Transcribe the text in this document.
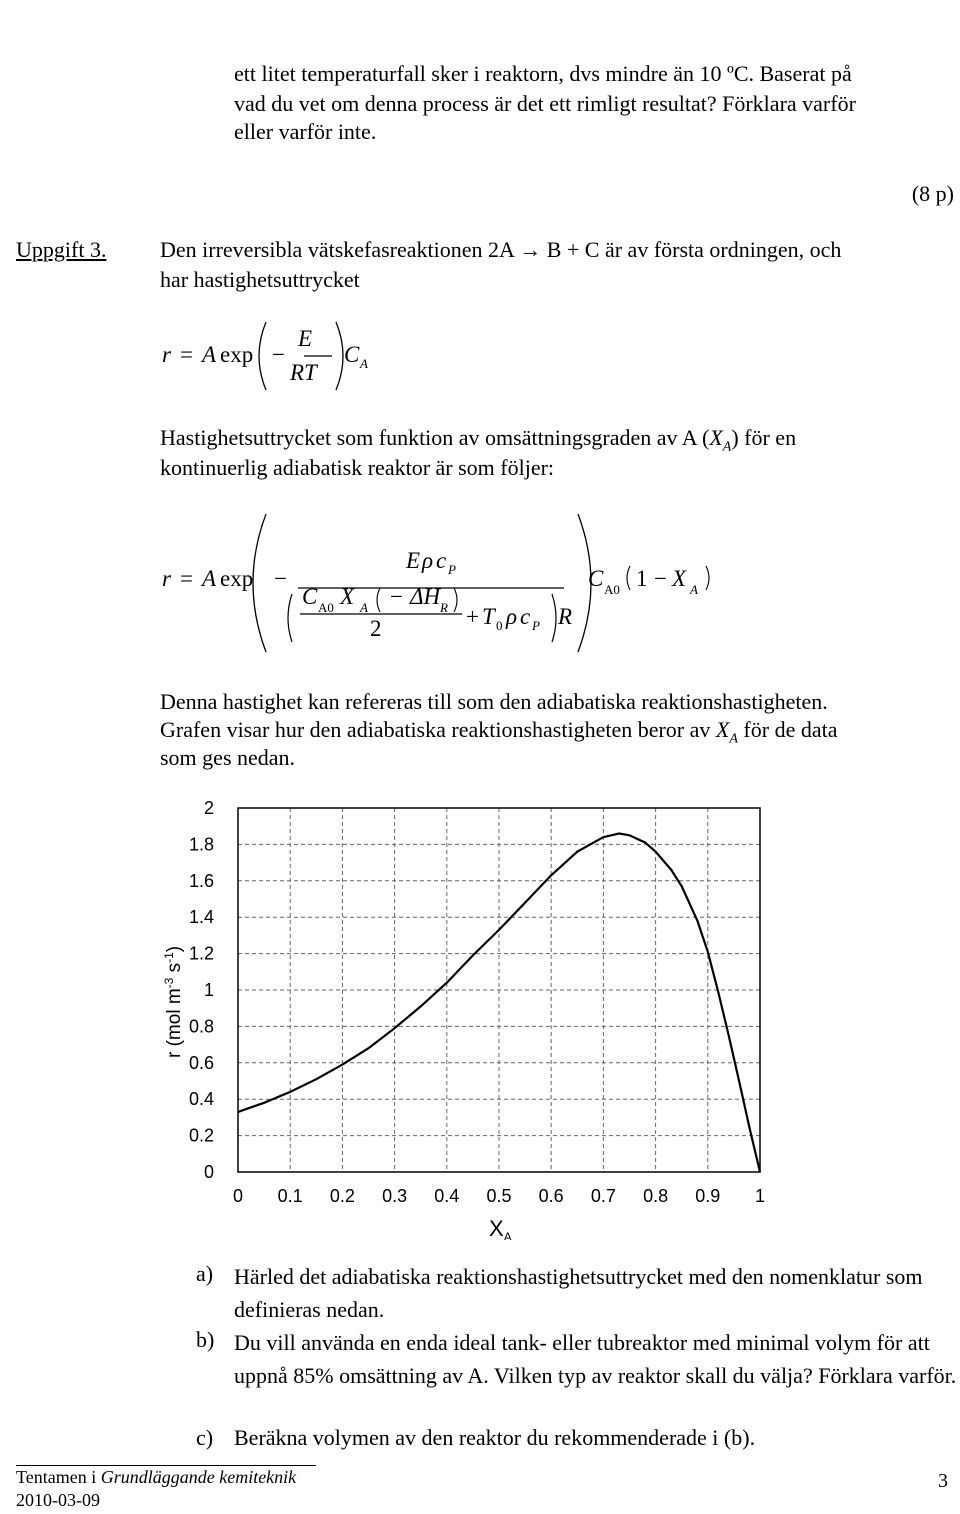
ett litet temperaturfall sker i reaktorn, dvs mindre än 10 ºC. Baserat på
vad du vet om denna process är det ett rimligt resultat? Förklara varför
eller varför inte.
(8 p)
Uppgift 3. Den irreversibla vätskefasreaktionen 2A → B + C är av första ordningen, och
har hastighetsuttrycket
r = A exp −
E
RT
C A
Hastighetsuttrycket som funktion av omsättningsgraden av A $(X_A)$ för en
kontinuerlig adiabatisk reaktor är som följer:
r = A exp −
E ρ c P
C A0 X A − ΔH R
2	+ T 0 ρ c P R
C A0 1 − X A
Denna hastighet kan refereras till som den adiabatiska reaktionshastigheten.
Grafen visar hur den adiabatiska reaktionshastigheten beror av $X_A$ för de data
som ges nedan.
0 0.1 0.2 0.3 0.4 0.5 0.6 0.7 0.8 0.9 1
0
0.2
0.4
0.6
0.8
1
1.2
1.4
1.6
1.8
2
$X_A$
r (mol $m^{-3}$ $s^{-1}$)
a) Härled det adiabatiska reaktionshastighetsuttrycket med den nomenklatur som definieras nedan.
b) Du vill använda en enda ideal tank- eller tubreaktor med minimal volym för att uppnå 85% omsättning av A. Vilken typ av reaktor skall du välja? Förklara varför.
c) Beräkna volymen av den reaktor du rekommenderade i (b).
Tentamen i Grundläggande kemiteknik
2010-03-09
3
